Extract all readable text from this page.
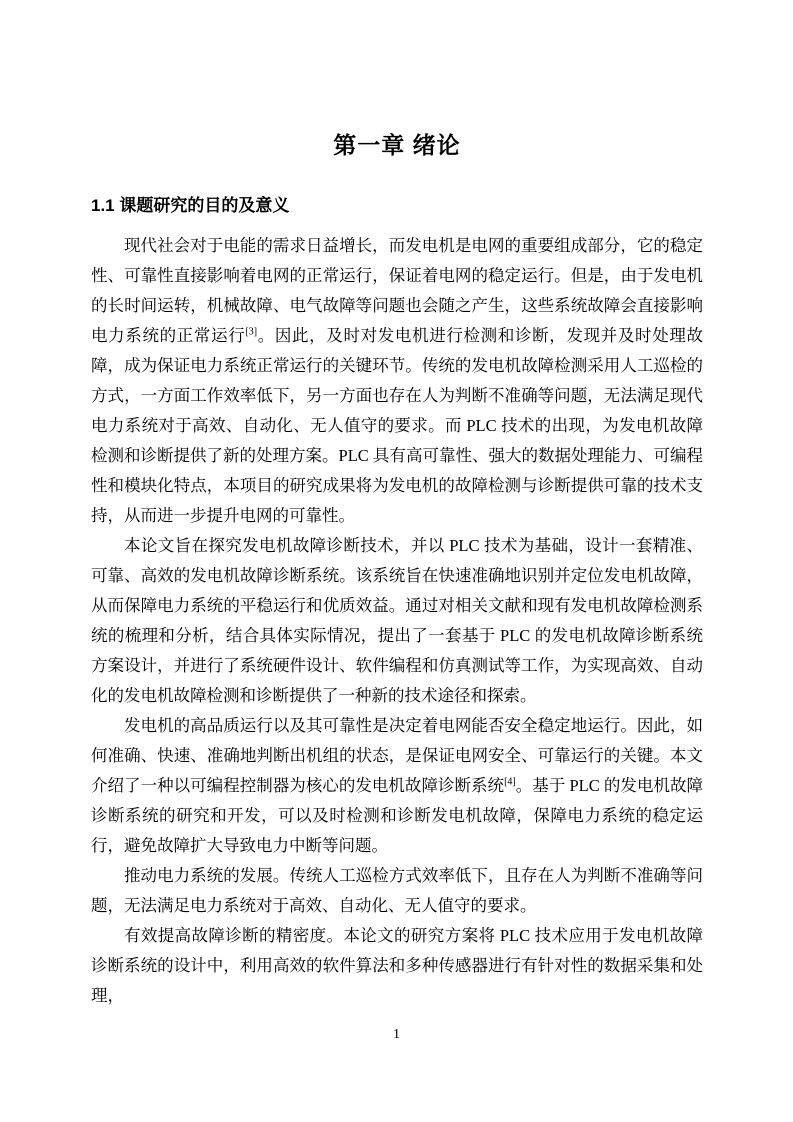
第一章 绪论
1.1 课题研究的目的及意义

现代社会对于电能的需求日益增长，而发电机是电网的重要组成部分，它的稳定性、可靠性直接影响着电网的正常运行，保证着电网的稳定运行。但是，由于发电机的长时间运转，机械故障、电气故障等问题也会随之产生，这些系统故障会直接影响电力系统的正常运行[3]。因此，及时对发电机进行检测和诊断，发现并及时处理故障，成为保证电力系统正常运行的关键环节。传统的发电机故障检测采用人工巡检的方式，一方面工作效率低下，另一方面也存在人为判断不准确等问题，无法满足现代电力系统对于高效、自动化、无人值守的要求。而 PLC 技术的出现，为发电机故障检测和诊断提供了新的处理方案。PLC 具有高可靠性、强大的数据处理能力、可编程性和模块化特点，本项目的研究成果将为发电机的故障检测与诊断提供可靠的技术支持，从而进一步提升电网的可靠性。

本论文旨在探究发电机故障诊断技术，并以 PLC 技术为基础，设计一套精准、可靠、高效的发电机故障诊断系统。该系统旨在快速准确地识别并定位发电机故障，从而保障电力系统的平稳运行和优质效益。通过对相关文献和现有发电机故障检测系统的梳理和分析，结合具体实际情况，提出了一套基于 PLC 的发电机故障诊断系统方案设计，并进行了系统硬件设计、软件编程和仿真测试等工作，为实现高效、自动化的发电机故障检测和诊断提供了一种新的技术途径和探索。

发电机的高品质运行以及其可靠性是决定着电网能否安全稳定地运行。因此，如何准确、快速、准确地判断出机组的状态，是保证电网安全、可靠运行的关键。本文介绍了一种以可编程控制器为核心的发电机故障诊断系统[4]。基于 PLC 的发电机故障诊断系统的研究和开发，可以及时检测和诊断发电机故障，保障电力系统的稳定运行，避免故障扩大导致电力中断等问题。

推动电力系统的发展。传统人工巡检方式效率低下，且存在人为判断不准确等问题，无法满足电力系统对于高效、自动化、无人值守的要求。

有效提高故障诊断的精密度。本论文的研究方案将 PLC 技术应用于发电机故障诊断系统的设计中，利用高效的软件算法和多种传感器进行有针对性的数据采集和处理，

1
